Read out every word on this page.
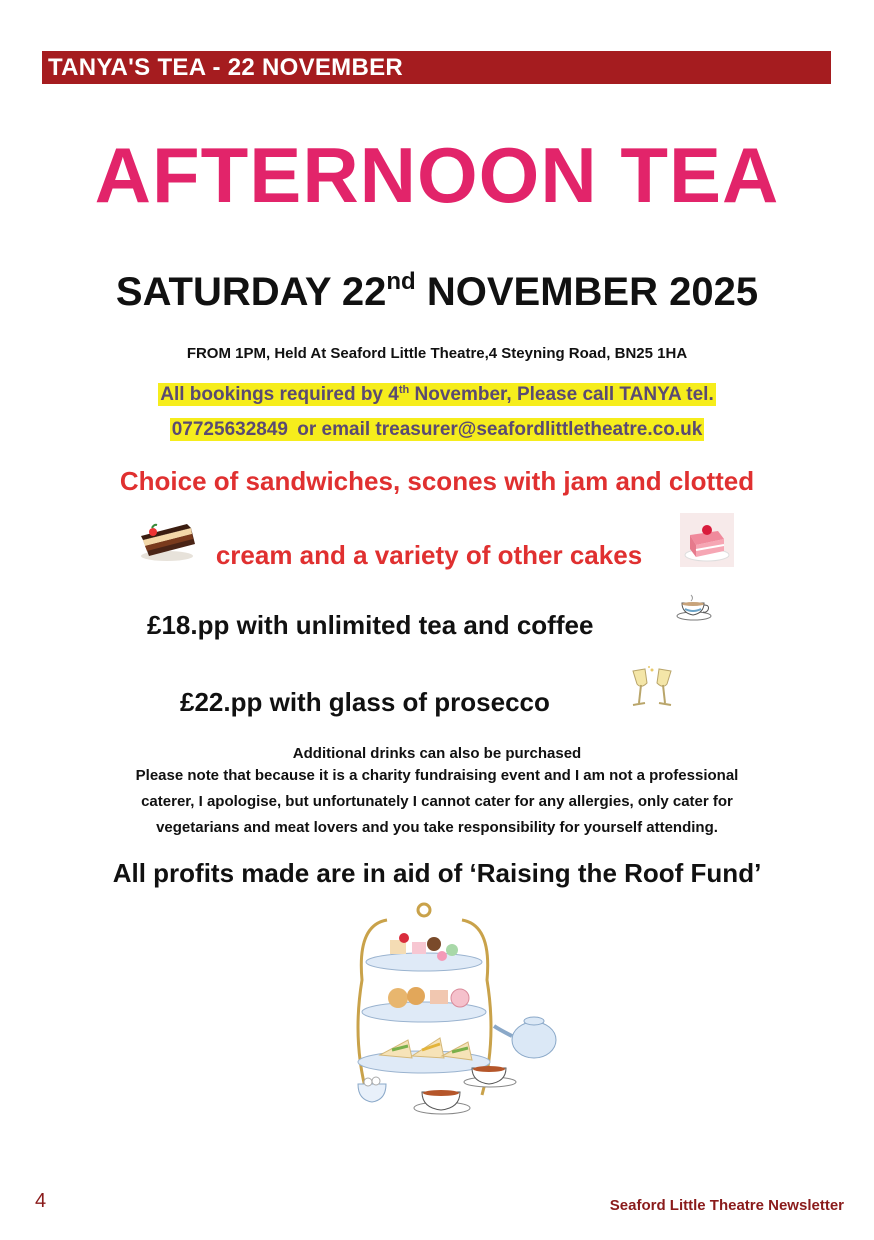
TANYA'S TEA - 22 NOVEMBER
AFTERNOON TEA
SATURDAY 22nd NOVEMBER 2025
FROM 1PM, Held At Seaford Little Theatre,4 Steyning Road, BN25 1HA
All bookings required by 4th November, Please call TANYA tel.
07725632849 or email treasurer@seafordlittletheatre.co.uk
Choice of sandwiches, scones with jam and clotted
cream and a variety of other cakes
£18.pp with unlimited tea and coffee
£22.pp with glass of prosecco
Additional drinks can also be purchased
Please note that because it is a charity fundraising event and I am not a professional
caterer, I apologise, but unfortunately I cannot cater for any allergies, only cater for
vegetarians and meat lovers and you take responsibility for yourself attending.
All profits made are in aid of ‘Raising the Roof Fund’
4	Seaford Little Theatre Newsletter
